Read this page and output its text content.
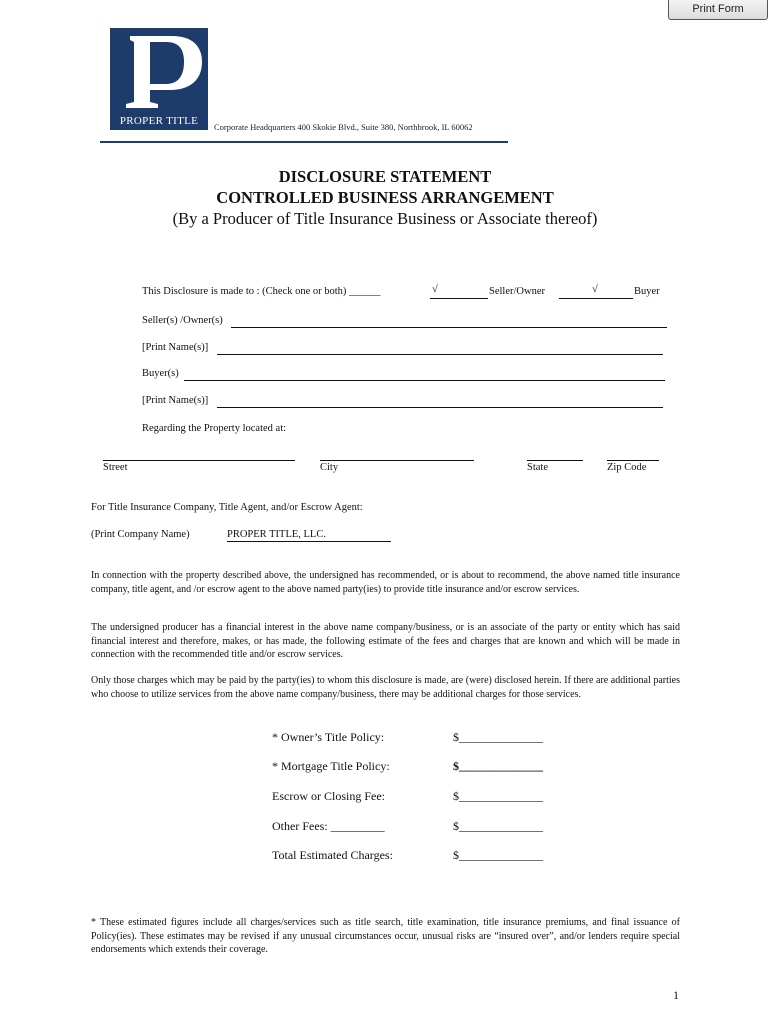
Print Form
PROPER TITLE	Corporate Headquarters 400 Skokie Blvd., Suite 380, Northbrook, IL 60062
DISCLOSURE STATEMENT
CONTROLLED BUSINESS ARRANGEMENT
(By a Producer of Title Insurance Business or Associate thereof)
This Disclosure is made to : (Check one or both) ______	√	Seller/Owner	√	Buyer
Seller(s) /Owner(s)
[Print Name(s)]
Buyer(s)
[Print Name(s)]
Regarding the Property located at:
Street	City	State	Zip Code
For Title Insurance Company, Title Agent, and/or Escrow Agent:
(Print Company Name)	PROPER TITLE, LLC.
In connection with the property described above, the undersigned has recommended, or is about to recommend, the above named title insurance company, title agent, and /or escrow agent to the above named party(ies) to provide title insurance and/or escrow services.
The undersigned producer has a financial interest in the above name company/business, or is an associate of the party or entity which has said financial interest and therefore, makes, or has made, the following estimate of the fees and charges that are known and which will be made in connection with the recommended title and/or escrow services.
Only those charges which may be paid by the party(ies) to whom this disclosure is made, are (were) disclosed herein. If there are additional parties who choose to utilize services from the above name company/business, there may be additional charges for those services.
* Owner’s Title Policy:	$______________
* Mortgage Title Policy:	$______________
Escrow or Closing Fee:	$______________
Other Fees: _________	$______________
Total Estimated Charges:	$______________
* These estimated figures include all charges/services such as title search, title examination, title insurance premiums, and final issuance of Policy(ies). These estimates may be revised if any unusual circumstances occur, unusual risks are “insured over”, and/or lenders require special endorsements which extends their coverage.
1
